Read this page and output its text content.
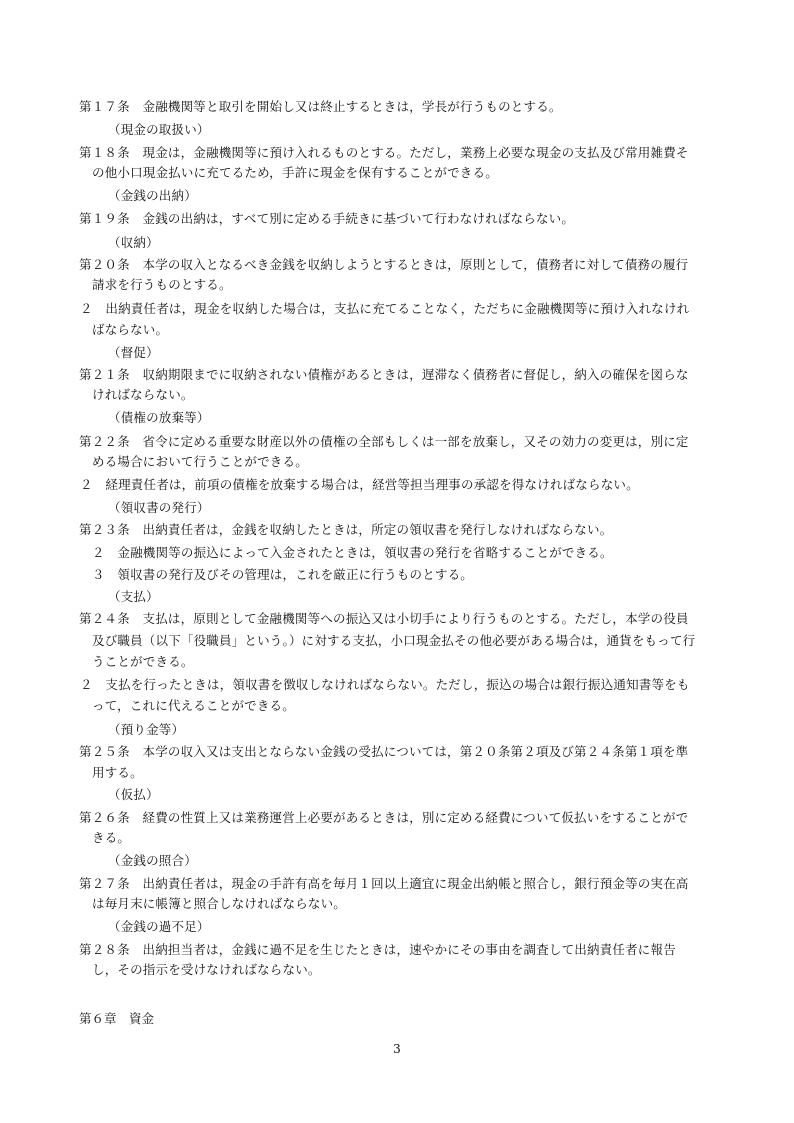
第１７条　金融機関等と取引を開始し又は終止するときは，学長が行うものとする。
（現金の取扱い）
第１８条　現金は，金融機関等に預け入れるものとする。ただし，業務上必要な現金の支払及び常用雑費そ
の他小口現金払いに充てるため，手許に現金を保有することができる。
（金銭の出納）
第１９条　金銭の出納は，すべて別に定める手続きに基づいて行わなければならない。
（収納）
第２０条　本学の収入となるべき金銭を収納しようとするときは，原則として，債務者に対して債務の履行
請求を行うものとする。
２　出納責任者は，現金を収納した場合は，支払に充てることなく，ただちに金融機関等に預け入れなけれ
ばならない。
（督促）
第２１条　収納期限までに収納されない債権があるときは，遅滞なく債務者に督促し，納入の確保を図らな
ければならない。
（債権の放棄等）
第２２条　省令に定める重要な財産以外の債権の全部もしくは一部を放棄し，又その効力の変更は，別に定
める場合において行うことができる。
２　経理責任者は，前項の債権を放棄する場合は，経営等担当理事の承認を得なければならない。
（領収書の発行）
第２３条　出納責任者は，金銭を収納したときは，所定の領収書を発行しなければならない。
２　金融機関等の振込によって入金されたときは，領収書の発行を省略することができる。
３　領収書の発行及びその管理は，これを厳正に行うものとする。
（支払）
第２４条　支払は，原則として金融機関等への振込又は小切手により行うものとする。ただし，本学の役員
及び職員（以下「役職員」という。）に対する支払，小口現金払その他必要がある場合は，通貨をもって行
うことができる。
２　支払を行ったときは，領収書を徴収しなければならない。ただし，振込の場合は銀行振込通知書等をも
って，これに代えることができる。
（預り金等）
第２５条　本学の収入又は支出とならない金銭の受払については，第２０条第２項及び第２４条第１項を準
用する。
（仮払）
第２６条　経費の性質上又は業務運営上必要があるときは，別に定める経費について仮払いをすることがで
きる。
（金銭の照合）
第２７条　出納責任者は，現金の手許有高を毎月１回以上適宜に現金出納帳と照合し，銀行預金等の実在高
は毎月末に帳簿と照合しなければならない。
（金銭の過不足）
第２８条　出納担当者は，金銭に過不足を生じたときは，速やかにその事由を調査して出納責任者に報告
し，その指示を受けなければならない。
第６章　資金
3
